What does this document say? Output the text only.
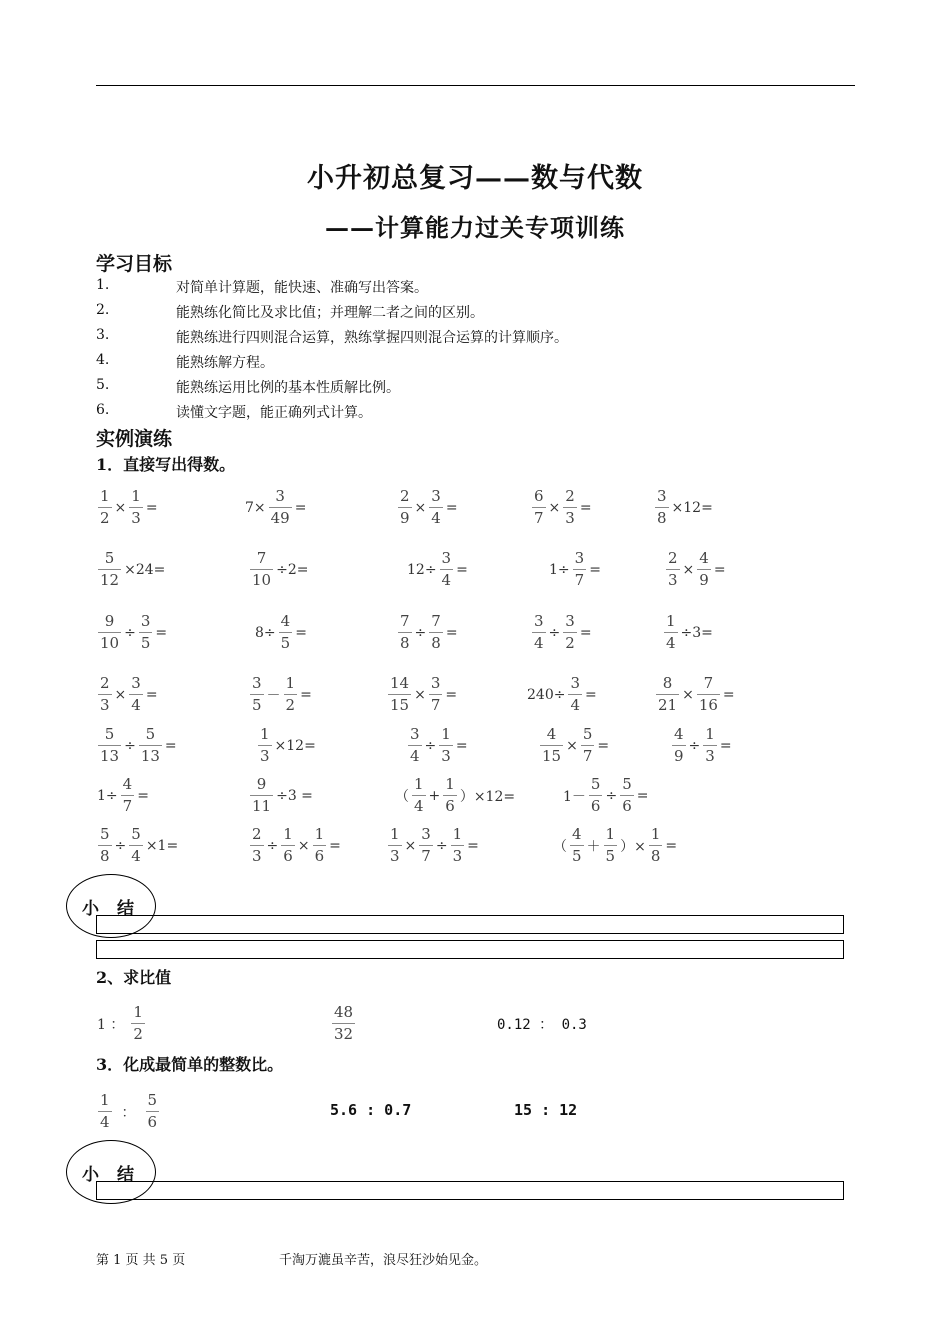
小升初总复习——数与代数
——计算能力过关专项训练
学习目标
1.	对简单计算题，能快速、准确写出答案。
2.	能熟练化简比及求比值；并理解二者之间的区别。
3.	能熟练进行四则混合运算，熟练掌握四则混合运算的计算顺序。
4.	能熟练解方程。
5.	能熟练运用比例的基本性质解比例。
6.	读懂文字题，能正确列式计算。
实例演练
1．直接写出得数。
$\frac{1}{2} \times \frac{1}{3}$ =	$7\times \frac{3}{49}$ =	$\frac{2}{9} \times \frac{3}{4}$ =	$\frac{6}{7} \times \frac{2}{3}$ =	$\frac{3}{8} \times 12=$
$\frac{5}{12} \times 24=$	$\frac{7}{10} \div 2=$	$12\div \frac{3}{4}$ =	$1\div \frac{3}{7}$ =	$\frac{2}{3} \times \frac{4}{9}$ =
$\frac{9}{10} \div \frac{3}{5}$ =	$8\div \frac{4}{5}$ =	$\frac{7}{8} \div \frac{7}{8}$ =	$\frac{3}{4} \div \frac{3}{2}$ =	$\frac{1}{4} \div 3=$
$\frac{2}{3} \times \frac{3}{4}$ =	$\frac{3}{5} - \frac{1}{2}$ =	$\frac{14}{15} \times \frac{3}{7}$ =	$240\div \frac{3}{4}$ =	$\frac{8}{21} \times \frac{7}{16}$ =
$\frac{5}{13} \div \frac{5}{13}$ =	$\frac{1}{3} \times 12=$	$\frac{3}{4} \div \frac{1}{3}$ =	$\frac{4}{15} \times \frac{5}{7}$ =	$\frac{4}{9} \div \frac{1}{3}$ =
$1\div \frac{4}{7}$ =	$\frac{9}{11} \div 3$ =	（ $\frac{1}{4} + \frac{1}{6} )\times 12=$	$1- \frac{5}{6} \div \frac{5}{6}$ =
$\frac{5}{8} \div \frac{5}{4} \times 1=$	$\frac{2}{3} \div \frac{1}{6} \times \frac{1}{6}$ =	$\frac{1}{3} \times \frac{3}{7} \div \frac{1}{3}$ =	（ $\frac{4}{5} + \frac{1}{5}$ ）× $\frac{1}{8}$ =
小 结
2、求比值
1 ： $\frac{1}{2}$	$\frac{48}{32}$	0.12 ： 0.3
3．化成最简单的整数比。
$\frac{1}{4}$ ： $\frac{5}{6}$	5.6 : 0.7	15 : 12
小 结
第 1 页 共 5 页	千淘万漉虽辛苦，浪尽狂沙始见金。
